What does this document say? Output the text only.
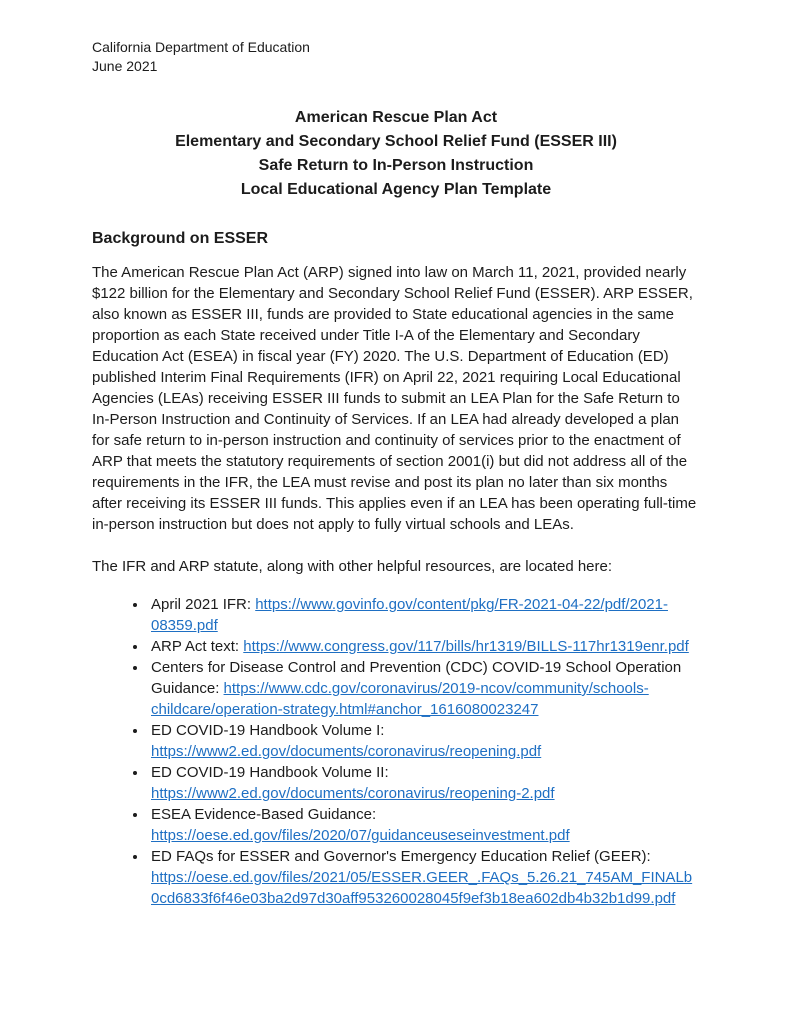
California Department of Education
June 2021
American Rescue Plan Act
Elementary and Secondary School Relief Fund (ESSER III)
Safe Return to In-Person Instruction
Local Educational Agency Plan Template
Background on ESSER
The American Rescue Plan Act (ARP) signed into law on March 11, 2021, provided nearly $122 billion for the Elementary and Secondary School Relief Fund (ESSER). ARP ESSER, also known as ESSER III, funds are provided to State educational agencies in the same proportion as each State received under Title I-A of the Elementary and Secondary Education Act (ESEA) in fiscal year (FY) 2020. The U.S. Department of Education (ED) published Interim Final Requirements (IFR) on April 22, 2021 requiring Local Educational Agencies (LEAs) receiving ESSER III funds to submit an LEA Plan for the Safe Return to In-Person Instruction and Continuity of Services. If an LEA had already developed a plan for safe return to in-person instruction and continuity of services prior to the enactment of ARP that meets the statutory requirements of section 2001(i) but did not address all of the requirements in the IFR, the LEA must revise and post its plan no later than six months after receiving its ESSER III funds. This applies even if an LEA has been operating full-time in-person instruction but does not apply to fully virtual schools and LEAs.
The IFR and ARP statute, along with other helpful resources, are located here:
• April 2021 IFR: https://www.govinfo.gov/content/pkg/FR-2021-04-22/pdf/2021-08359.pdf
• ARP Act text: https://www.congress.gov/117/bills/hr1319/BILLS-117hr1319enr.pdf
• Centers for Disease Control and Prevention (CDC) COVID-19 School Operation Guidance: https://www.cdc.gov/coronavirus/2019-ncov/community/schools-childcare/operation-strategy.html#anchor_1616080023247
• ED COVID-19 Handbook Volume I: https://www2.ed.gov/documents/coronavirus/reopening.pdf
• ED COVID-19 Handbook Volume II: https://www2.ed.gov/documents/coronavirus/reopening-2.pdf
• ESEA Evidence-Based Guidance: https://oese.ed.gov/files/2020/07/guidanceuseseinvestment.pdf
• ED FAQs for ESSER and Governor's Emergency Education Relief (GEER): https://oese.ed.gov/files/2021/05/ESSER.GEER_.FAQs_5.26.21_745AM_FINALb0cd6833f6f46e03ba2d97d30aff953260028045f9ef3b18ea602db4b32b1d99.pdf
